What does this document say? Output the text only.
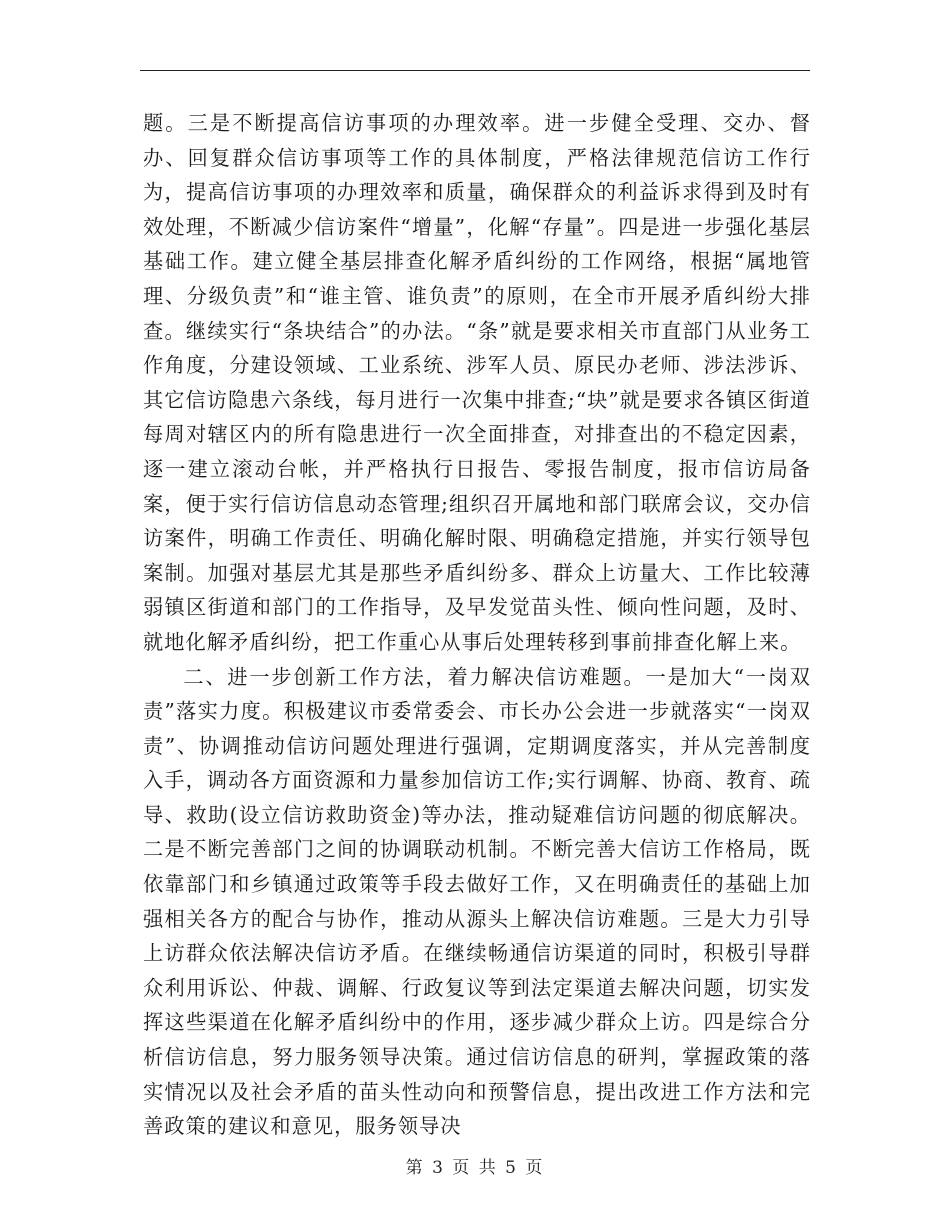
题。三是不断提高信访事项的办理效率。进一步健全受理、交办、督办、回复群众信访事项等工作的具体制度，严格法律规范信访工作行为，提高信访事项的办理效率和质量，确保群众的利益诉求得到及时有效处理，不断减少信访案件“增量”，化解“存量”。四是进一步强化基层基础工作。建立健全基层排查化解矛盾纠纷的工作网络，根据“属地管理、分级负责”和“谁主管、谁负责”的原则，在全市开展矛盾纠纷大排查。继续实行“条块结合”的办法。“条”就是要求相关市直部门从业务工作角度，分建设领域、工业系统、涉军人员、原民办老师、涉法涉诉、其它信访隐患六条线，每月进行一次集中排查;“块”就是要求各镇区街道每周对辖区内的所有隐患进行一次全面排查，对排查出的不稳定因素，逐一建立滚动台帐，并严格执行日报告、零报告制度，报市信访局备案，便于实行信访信息动态管理;组织召开属地和部门联席会议，交办信访案件，明确工作责任、明确化解时限、明确稳定措施，并实行领导包案制。加强对基层尤其是那些矛盾纠纷多、群众上访量大、工作比较薄弱镇区街道和部门的工作指导，及早发觉苗头性、倾向性问题，及时、就地化解矛盾纠纷，把工作重心从事后处理转移到事前排查化解上来。

二、进一步创新工作方法，着力解决信访难题。一是加大“一岗双责”落实力度。积极建议市委常委会、市长办公会进一步就落实“一岗双责”、协调推动信访问题处理进行强调，定期调度落实，并从完善制度入手，调动各方面资源和力量参加信访工作;实行调解、协商、教育、疏导、救助(设立信访救助资金)等办法，推动疑难信访问题的彻底解决。二是不断完善部门之间的协调联动机制。不断完善大信访工作格局，既依靠部门和乡镇通过政策等手段去做好工作，又在明确责任的基础上加强相关各方的配合与协作，推动从源头上解决信访难题。三是大力引导上访群众依法解决信访矛盾。在继续畅通信访渠道的同时，积极引导群众利用诉讼、仲裁、调解、行政复议等到法定渠道去解决问题，切实发挥这些渠道在化解矛盾纠纷中的作用，逐步减少群众上访。四是综合分析信访信息，努力服务领导决策。通过信访信息的研判，掌握政策的落实情况以及社会矛盾的苗头性动向和预警信息，提出改进工作方法和完善政策的建议和意见，服务领导决

第 3 页 共 5 页
